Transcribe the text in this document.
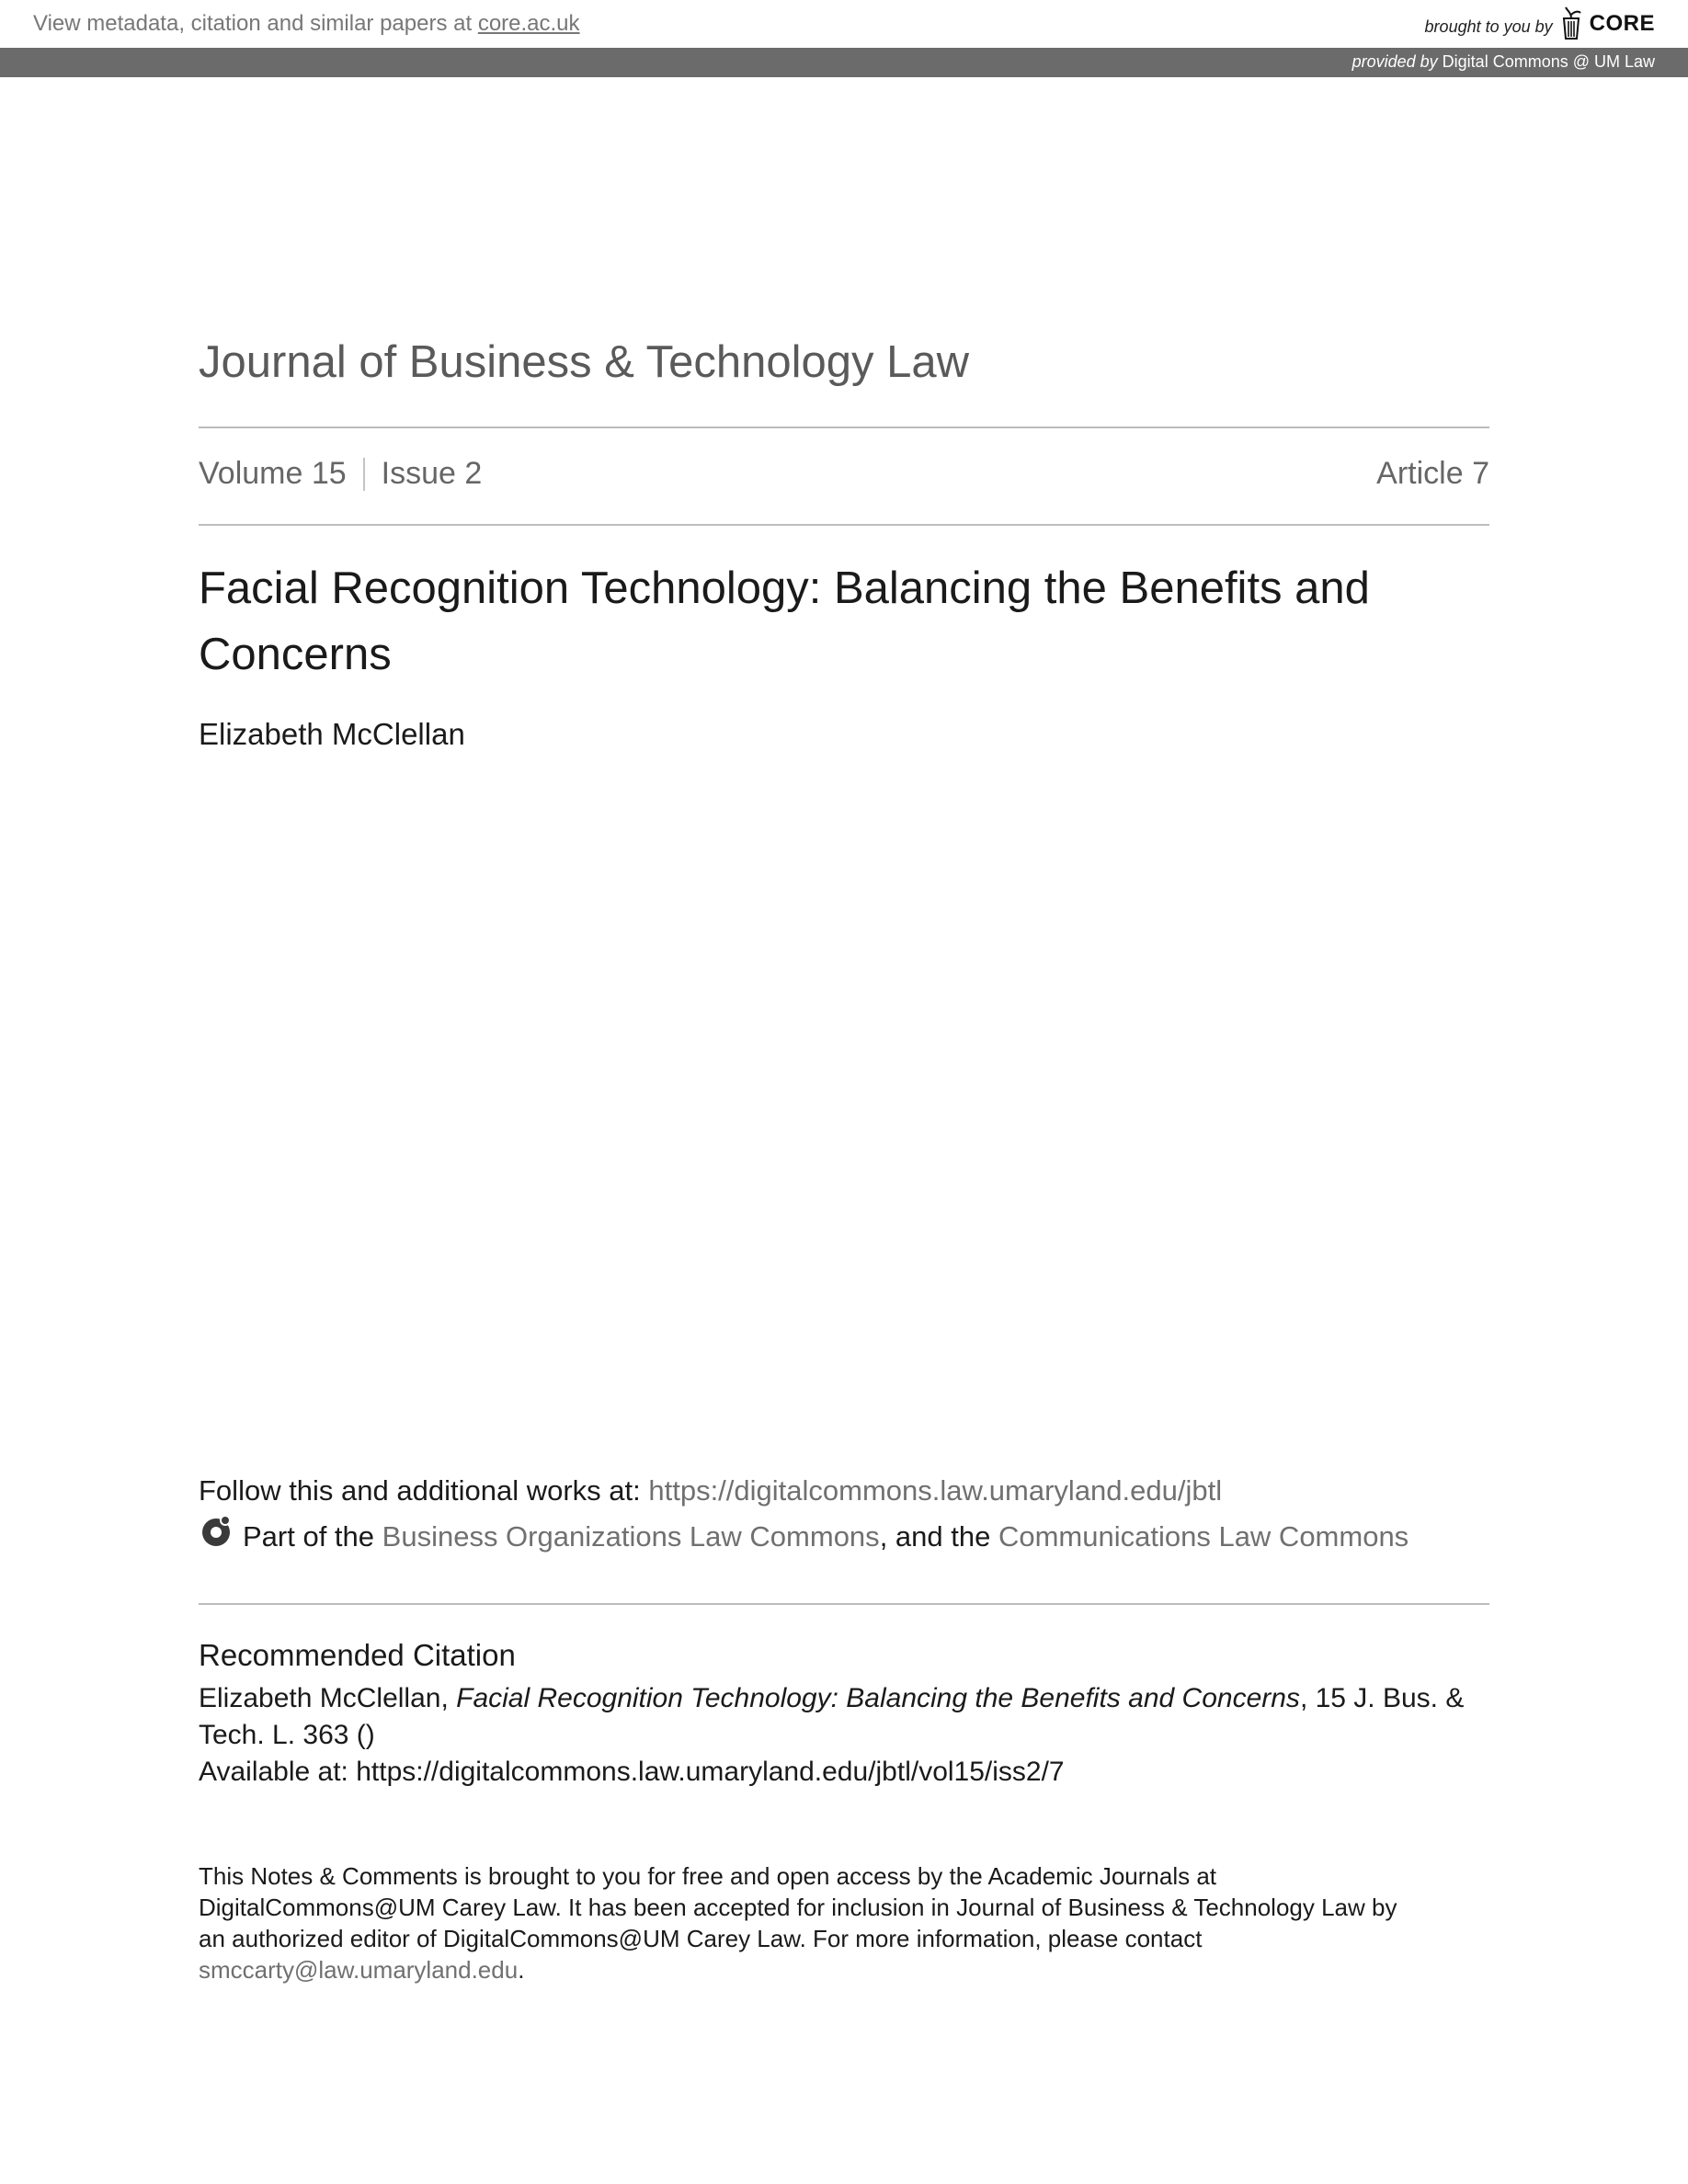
View metadata, citation and similar papers at core.ac.uk	brought to you by CORE
provided by Digital Commons @ UM Law
Journal of Business & Technology Law
Volume 15 Issue 2	Article 7
Facial Recognition Technology: Balancing the Benefits and Concerns
Elizabeth McClellan
Follow this and additional works at: https://digitalcommons.law.umaryland.edu/jbtl
Part of the
Business Organizations Law Commons , and the
Communications Law Commons
Recommended Citation
Elizabeth McClellan, Facial Recognition Technology: Balancing the Benefits and Concerns, 15 J. Bus. &
Tech. L. 363 ()
Available at: https://digitalcommons.law.umaryland.edu/jbtl/vol15/iss2/7
This Notes & Comments is brought to you for free and open access by the Academic Journals at
DigitalCommons@UM Carey Law. It has been accepted for inclusion in Journal of Business & Technology Law by
an authorized editor of DigitalCommons@UM Carey Law. For more information, please contact
smccarty@law.umaryland.edu.
